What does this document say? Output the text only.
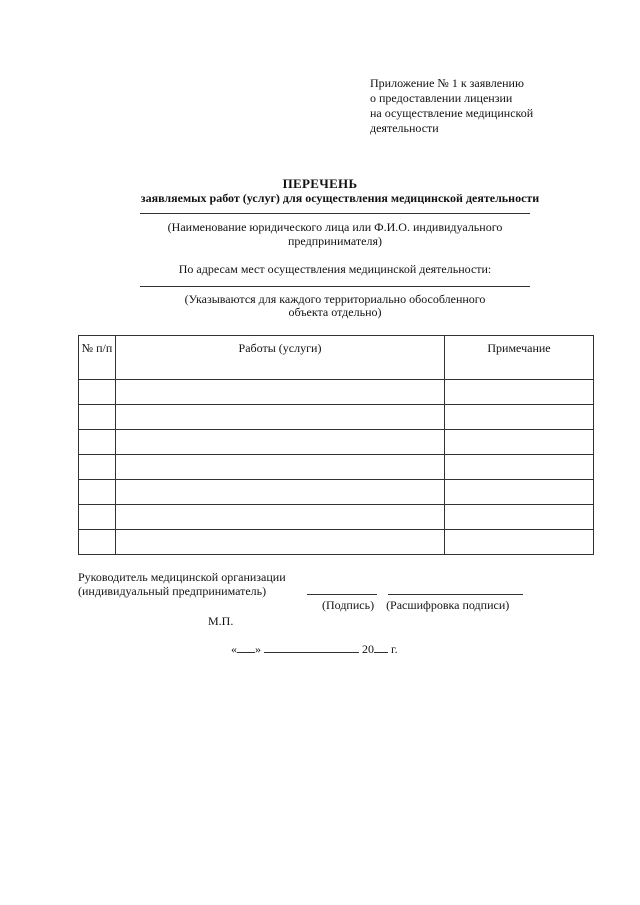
Приложение № 1 к заявлению
о предоставлении лицензии
на осуществление медицинской
деятельности
ПЕРЕЧЕНЬ
заявляемых работ (услуг) для осуществления медицинской деятельности
(Наименование юридического лица или Ф.И.О. индивидуального
предпринимателя)
По адресам мест осуществления медицинской деятельности:
(Указываются для каждого территориально обособленного
объекта отдельно)
№ п/п	Работы (услуги)	Примечание

Руководитель медицинской организации
(индивидуальный предприниматель)
(Подпись) (Расшифровка подписи)
М.П.
« »	20 г.
